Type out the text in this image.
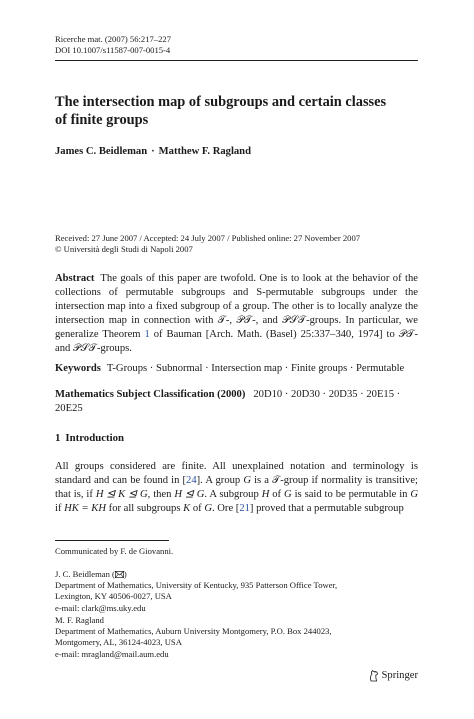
Ricerche mat. (2007) 56:217–227
DOI 10.1007/s11587-007-0015-4
The intersection map of subgroups and certain classes
of finite groups
James C. Beidleman · Matthew F. Ragland
Received: 27 June 2007 / Accepted: 24 July 2007 / Published online: 27 November 2007
© Università degli Studi di Napoli 2007
Abstract The goals of this paper are twofold. One is to look at the behavior of the collections of permutable subgroups and S-permutable subgroups under the intersection map into a fixed subgroup of a group. The other is to locally analyze the intersection map in connection with 𝒯-, 𝒫𝒯-, and 𝒫𝒮𝒯-groups. In particular, we generalize Theorem 1 of Bauman [Arch. Math. (Basel) 25:337–340, 1974] to 𝒫𝒯- and 𝒫𝒮𝒯-groups.
Keywords T-Groups · Subnormal · Intersection map · Finite groups · Permutable
Mathematics Subject Classification (2000) 20D10 · 20D30 · 20D35 · 20E15 · 20E25
1 Introduction
All groups considered are finite. All unexplained notation and terminology is standard and can be found in [24]. A group G is a 𝒯-group if normality is transitive; that is, if H ⊴ K ⊴ G, then H ⊴ G. A subgroup H of G is said to be permutable in G if HK = KH for all subgroups K of G. Ore [21] proved that a permutable subgroup
Communicated by F. de Giovanni.
J. C. Beidleman ( )
Department of Mathematics, University of Kentucky, 935 Patterson Office Tower,
Lexington, KY 40506-0027, USA
e-mail: clark@ms.uky.edu
M. F. Ragland
Department of Mathematics, Auburn University Montgomery, P.O. Box 244023,
Montgomery, AL, 36124-4023, USA
e-mail: mragland@mail.aum.edu
Springer
